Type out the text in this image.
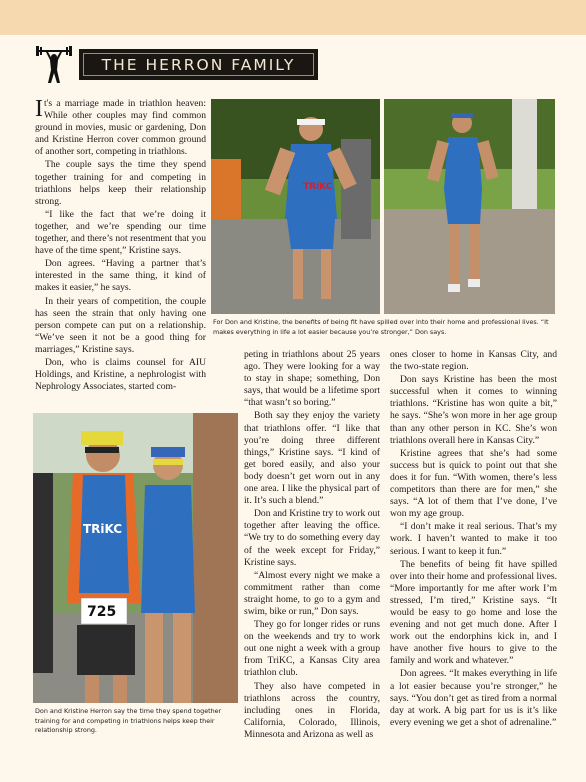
THE HERRON FAMILY

It's a marriage made in triathlon heaven: While other couples may find common ground in movies, music or gardening, Don and Kristine Herron cover common ground of another sort, competing in triathlons.

The couple says the time they spend together training for and competing in triathlons helps keep their relationship strong.

“I like the fact that we’re doing it together, and we’re spending our time together, and there’s not resentment that you have of the time spent,” Kristine says.

Don agrees. “Having a partner that’s interested in the same thing, it kind of makes it easier,” he says.

In their years of competition, the couple has seen the strain that only having one person compete can put on a relationship. “We’ve seen it not be a good thing for marriages,” Kristine says.

Don, who is claims counsel for AIU Holdings, and Kristine, a nephrologist with Nephrology Associates, started com-

TRiKC
For Don and Kristine, the benefits of being fit have spilled over into their home and professional lives. “It makes everything in life a lot easier because you’re stronger,” Don says.
TRiKC
725
Don and Kristine Herron say the time they spend together training for and competing in triathlons helps keep their relationship strong.

peting in triathlons about 25 years ago. They were looking for a way to stay in shape; something, Don says, that would be a lifetime sport “that wasn’t so boring.”

Both say they enjoy the variety that triathlons offer. “I like that you’re doing three different things,” Kristine says. “I kind of get bored easily, and also your body doesn’t get worn out in any one area. I like the physical part of it. It’s such a blend.”

Don and Kristine try to work out together after leaving the office. “We try to do something every day of the week except for Friday,” Kristine says.

“Almost every night we make a commitment rather than come straight home, to go to a gym and swim, bike or run,” Don says.

They go for longer rides or runs on the weekends and try to work out one night a week with a group from TriKC, a Kansas City area triathlon club.

They also have competed in triathlons across the country, including ones in Florida, California, Colorado, Illinois, Minnesota and Arizona as well as

ones closer to home in Kansas City, and the two-state region.

Don says Kristine has been the most successful when it comes to winning triathlons. “Kristine has won quite a bit,” he says. “She’s won more in her age group than any other person in KC. She’s won triathlons overall here in Kansas City.”

Kristine agrees that she’s had some success but is quick to point out that she does it for fun. “With women, there’s less competitors than there are for men,” she says. “A lot of them that I’ve done, I’ve won my age group.

“I don’t make it real serious. That’s my work. I haven’t wanted to make it too serious. I want to keep it fun.”

The benefits of being fit have spilled over into their home and professional lives. “More importantly for me after work I’m stressed, I’m tired,” Kristine says. “It would be easy to go home and lose the evening and not get much done. After I work out the endorphins kick in, and I have another five hours to give to the family and work and whatever.”

Don agrees. “It makes everything in life a lot easier because you’re stronger,” he says. “You don’t get as tired from a normal day at work. A big part for us is it’s like every evening we get a shot of adrenaline.”
